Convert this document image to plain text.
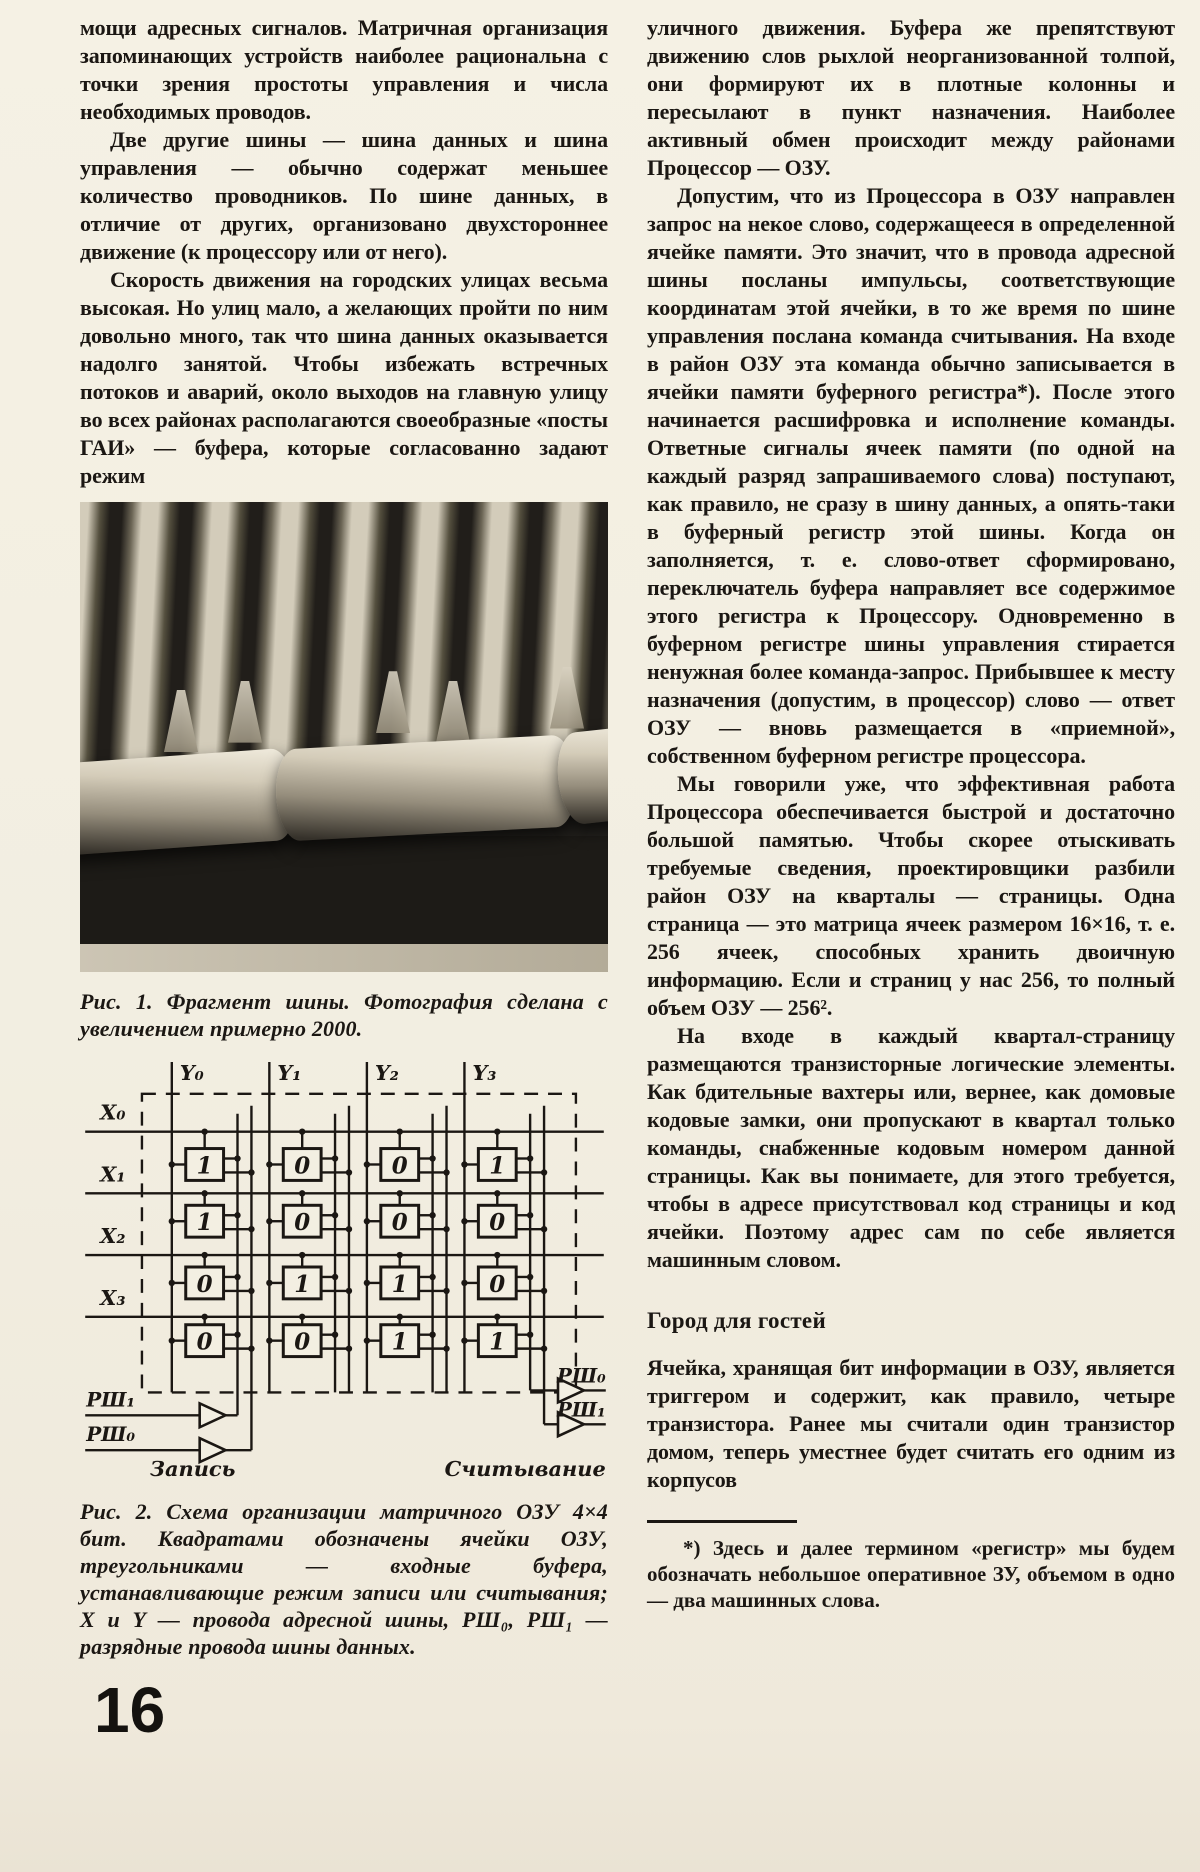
мощи адресных сигналов. Матричная организация запоминающих устройств наиболее рациональна с точки зрения простоты управления и числа необходимых проводов.

Две другие шины — шина данных и шина управления — обычно содержат меньшее количество проводников. По шине данных, в отличие от других, организовано двухстороннее движение (к процессору или от него).

Скорость движения на городских улицах весьма высокая. Но улиц мало, а желающих пройти по ним довольно много, так что шина данных оказывается надолго занятой. Чтобы избежать встречных потоков и аварий, около выходов на главную улицу во всех районах располагаются своеобразные «посты ГАИ» — буфера, которые согласованно задают режим

Рис. 1. Фрагмент шины. Фотография сделана с увеличением примерно 2000.

Y₀	Y₁	Y₂	Y₃
X₀
X₁
X₂
X₃
1	0	0	1
1	0	0	0
0	1	1	0
0	0	1	1
РШ₁
РШ₀
Запись
РШ₀
РШ₁
Считывание

Рис. 2. Схема организации матричного ОЗУ 4×4 бит. Квадратами обозначены ячейки ОЗУ, треугольниками — входные буфера, устанавливающие режим записи или считывания; X и Y — провода адресной шины, РШ₀, РШ₁ — разрядные провода шины данных.

16

уличного движения. Буфера же препятствуют движению слов рыхлой неорганизованной толпой, они формируют их в плотные колонны и пересылают в пункт назначения. Наиболее активный обмен происходит между районами Процессор — ОЗУ.

Допустим, что из Процессора в ОЗУ направлен запрос на некое слово, содержащееся в определенной ячейке памяти. Это значит, что в провода адресной шины посланы импульсы, соответствующие координатам этой ячейки, в то же время по шине управления послана команда считывания. На входе в район ОЗУ эта команда обычно записывается в ячейки памяти буферного регистра*). После этого начинается расшифровка и исполнение команды. Ответные сигналы ячеек памяти (по одной на каждый разряд запрашиваемого слова) поступают, как правило, не сразу в шину данных, а опять-таки в буферный регистр этой шины. Когда он заполняется, т. е. слово-ответ сформировано, переключатель буфера направляет все содержимое этого регистра к Процессору. Одновременно в буферном регистре шины управления стирается ненужная более команда-запрос. Прибывшее к месту назначения (допустим, в процессор) слово — ответ ОЗУ — вновь размещается в «приемной», собственном буферном регистре процессора.

Мы говорили уже, что эффективная работа Процессора обеспечивается быстрой и достаточно большой памятью. Чтобы скорее отыскивать требуемые сведения, проектировщики разбили район ОЗУ на кварталы — страницы. Одна страница — это матрица ячеек размером 16×16, т. е. 256 ячеек, способных хранить двоичную информацию. Если и страниц у нас 256, то полный объем ОЗУ — 256².

На входе в каждый квартал-страницу размещаются транзисторные логические элементы. Как бдительные вахтеры или, вернее, как домовые кодовые замки, они пропускают в квартал только команды, снабженные кодовым номером данной страницы. Как вы понимаете, для этого требуется, чтобы в адресе присутствовал код страницы и код ячейки. Поэтому адрес сам по себе является машинным словом.

Город для гостей

Ячейка, хранящая бит информации в ОЗУ, является триггером и содержит, как правило, четыре транзистора. Ранее мы считали один транзистор домом, теперь уместнее будет считать его одним из корпусов

*) Здесь и далее термином «регистр» мы будем обозначать небольшое оперативное ЗУ, объемом в одно — два машинных слова.
